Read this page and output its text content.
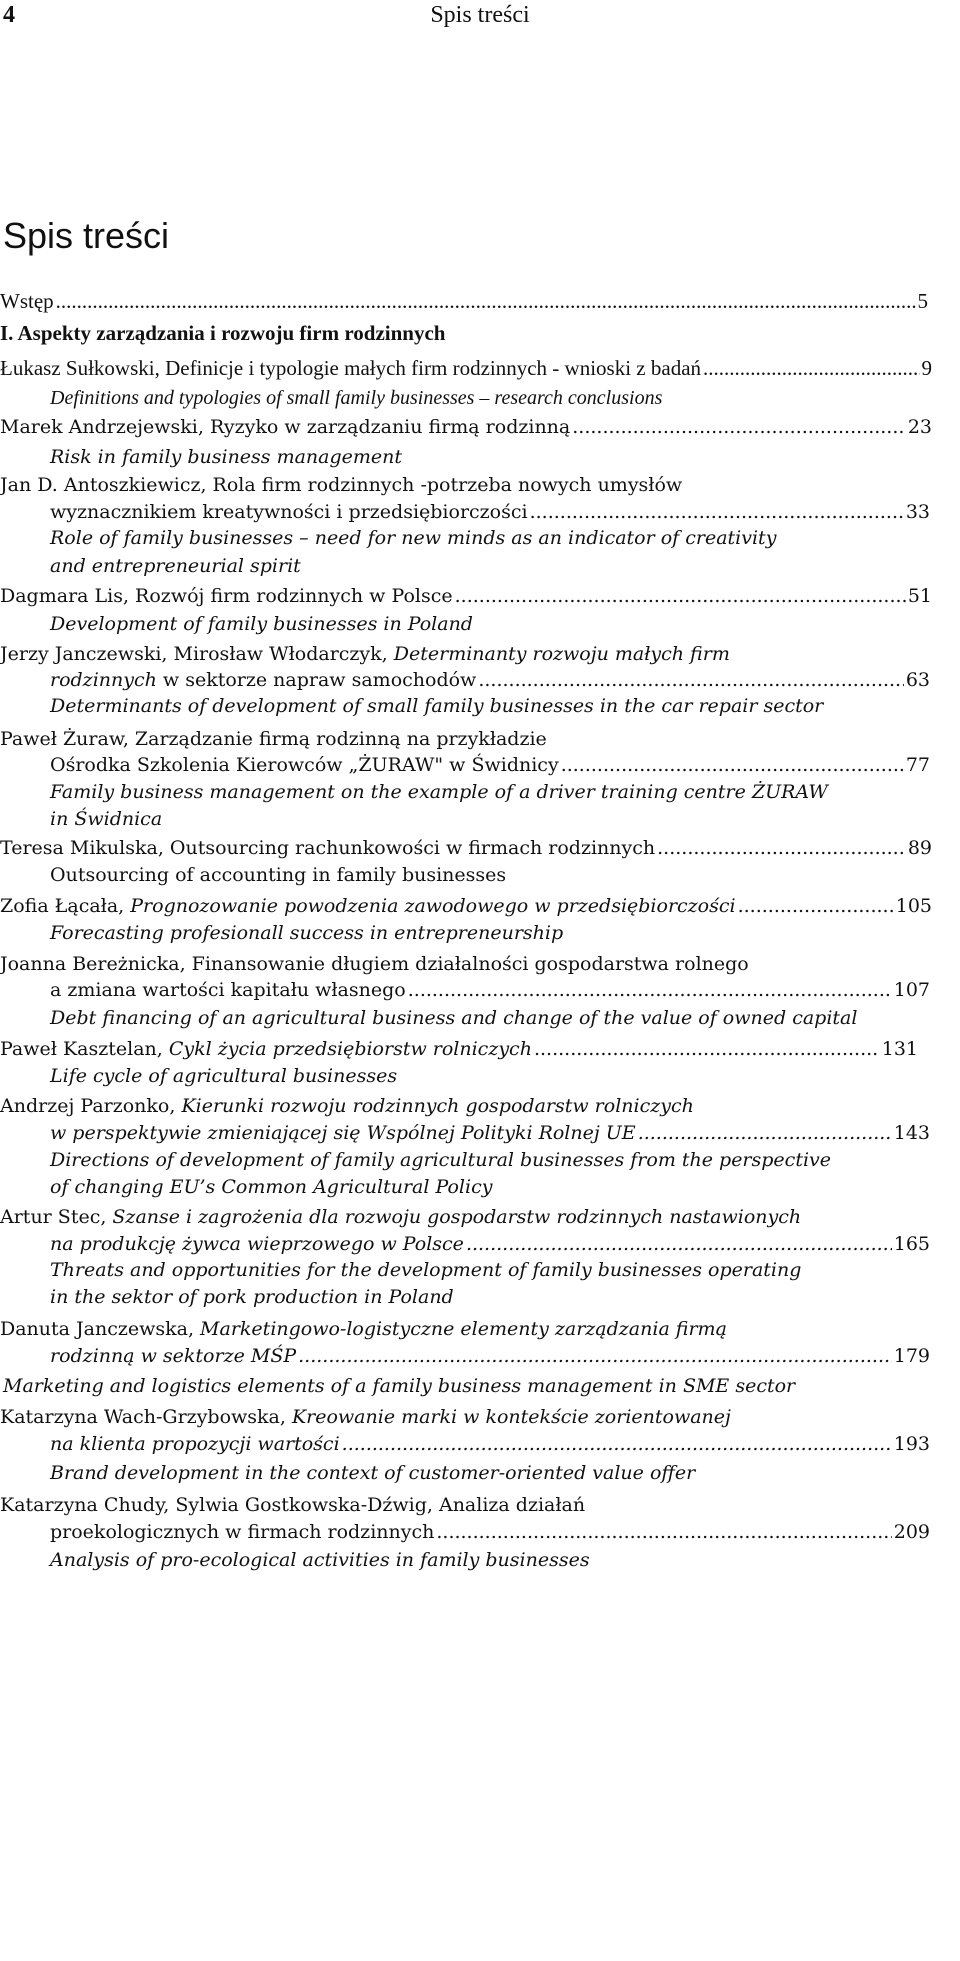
4	Spis treści
Spis treści
Wstęp .....	5
I. Aspekty zarządzania i rozwoju firm rodzinnych
Łukasz Sułkowski, Definicje i typologie małych firm rodzinnych - wnioski z badań .....	9
Definitions and typologies of small family businesses – research conclusions
Marek Andrzejewski, Ryzyko w zarządzaniu firmą rodzinną .....	23
Risk in family business management
Jan D. Antoszkiewicz, Rola firm rodzinnych -potrzeba nowych umysłów
wyznacznikiem kreatywności i przedsiębiorczości .....	33
Role of family businesses – need for new minds as an indicator of creativity
and entrepreneurial spirit
Dagmara Lis, Rozwój firm rodzinnych w Polsce .....	51
Development of family businesses in Poland
Jerzy Janczewski, Mirosław Włodarczyk, Determinanty rozwoju małych firm
rodzinnych w sektorze napraw samochodów .....	63
Determinants of development of small family businesses in the car repair sector
Paweł Żuraw, Zarządzanie firmą rodzinną na przykładzie
Ośrodka Szkolenia Kierowców „ŻURAW" w Świdnicy .....	77
Family business management on the example of a driver training centre ŻURAW
in Świdnica
Teresa Mikulska, Outsourcing rachunkowości w firmach rodzinnych .....	89
Outsourcing of accounting in family businesses
Zofia Łącała, Prognozowanie powodzenia zawodowego w przedsiębiorczości .....	105
Forecasting profesionall success in entrepreneurship
Joanna Bereżnicka, Finansowanie długiem działalności gospodarstwa rolnego
a zmiana wartości kapitału własnego .....	107
Debt financing of an agricultural business and change of the value of owned capital
Paweł Kasztelan, Cykl życia przedsiębiorstw rolniczych .....	131
Life cycle of agricultural businesses
Andrzej Parzonko, Kierunki rozwoju rodzinnych gospodarstw rolniczych
w perspektywie zmieniającej się Wspólnej Polityki Rolnej UE .....	143
Directions of development of family agricultural businesses from the perspective
of changing EU’s Common Agricultural Policy
Artur Stec, Szanse i zagrożenia dla rozwoju gospodarstw rodzinnych nastawionych
na produkcję żywca wieprzowego w Polsce .....	165
Threats and opportunities for the development of family businesses operating
in the sektor of pork production in Poland
Danuta Janczewska, Marketingowo-logistyczne elementy zarządzania firmą
rodzinną w sektorze MŚP .....	179
Marketing and logistics elements of a family business management in SME sector
Katarzyna Wach-Grzybowska, Kreowanie marki w kontekście zorientowanej
na klienta propozycji wartości .....	193
Brand development in the context of customer-oriented value offer
Katarzyna Chudy, Sylwia Gostkowska-Dźwig, Analiza działań
proekologicznych w firmach rodzinnych .....	209
Analysis of pro-ecological activities in family businesses
